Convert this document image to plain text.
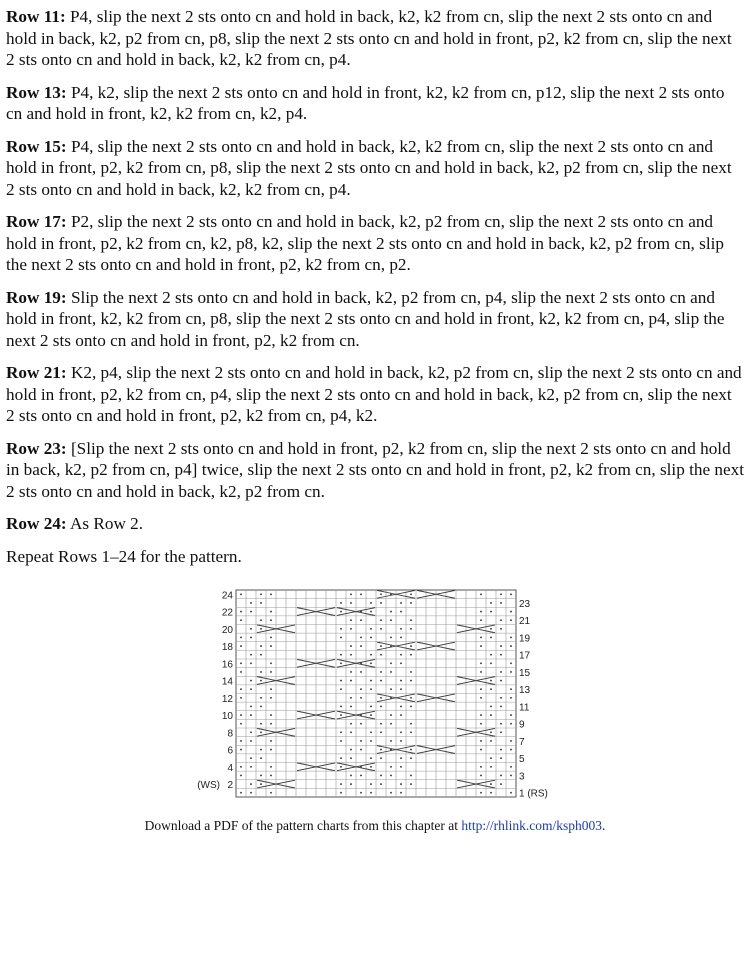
Row 11: P4, slip the next 2 sts onto cn and hold in back, k2, k2 from cn, slip the next 2 sts onto cn and hold in back, k2, p2 from cn, p8, slip the next 2 sts onto cn and hold in front, p2, k2 from cn, slip the next 2 sts onto cn and hold in back, k2, k2 from cn, p4.

Row 13: P4, k2, slip the next 2 sts onto cn and hold in front, k2, k2 from cn, p12, slip the next 2 sts onto cn and hold in front, k2, k2 from cn, k2, p4.

Row 15: P4, slip the next 2 sts onto cn and hold in back, k2, k2 from cn, slip the next 2 sts onto cn and hold in front, p2, k2 from cn, p8, slip the next 2 sts onto cn and hold in back, k2, p2 from cn, slip the next 2 sts onto cn and hold in back, k2, k2 from cn, p4.

Row 17: P2, slip the next 2 sts onto cn and hold in back, k2, p2 from cn, slip the next 2 sts onto cn and hold in front, p2, k2 from cn, k2, p8, k2, slip the next 2 sts onto cn and hold in back, k2, p2 from cn, slip the next 2 sts onto cn and hold in front, p2, k2 from cn, p2.

Row 19: Slip the next 2 sts onto cn and hold in back, k2, p2 from cn, p4, slip the next 2 sts onto cn and hold in front, k2, k2 from cn, p8, slip the next 2 sts onto cn and hold in front, k2, k2 from cn, p4, slip the next 2 sts onto cn and hold in front, p2, k2 from cn.

Row 21: K2, p4, slip the next 2 sts onto cn and hold in back, k2, p2 from cn, slip the next 2 sts onto cn and hold in front, p2, k2 from cn, p4, slip the next 2 sts onto cn and hold in back, k2, p2 from cn, slip the next 2 sts onto cn and hold in front, p2, k2 from cn, p4, k2.

Row 23: [Slip the next 2 sts onto cn and hold in front, p2, k2 from cn, slip the next 2 sts onto cn and hold in back, k2, p2 from cn, p4] twice, slip the next 2 sts onto cn and hold in front, p2, k2 from cn, slip the next 2 sts onto cn and hold in back, k2, p2 from cn.

Row 24: As Row 2.

Repeat Rows 1–24 for the pattern.

24
22
20
18
16
14
12
10
8
6
4
2
(WS)
23
21
19
17
15
13
11
9
7
5
3
1 (RS)
Download a PDF of the pattern charts from this chapter at http://rhlink.com/ksph003.
